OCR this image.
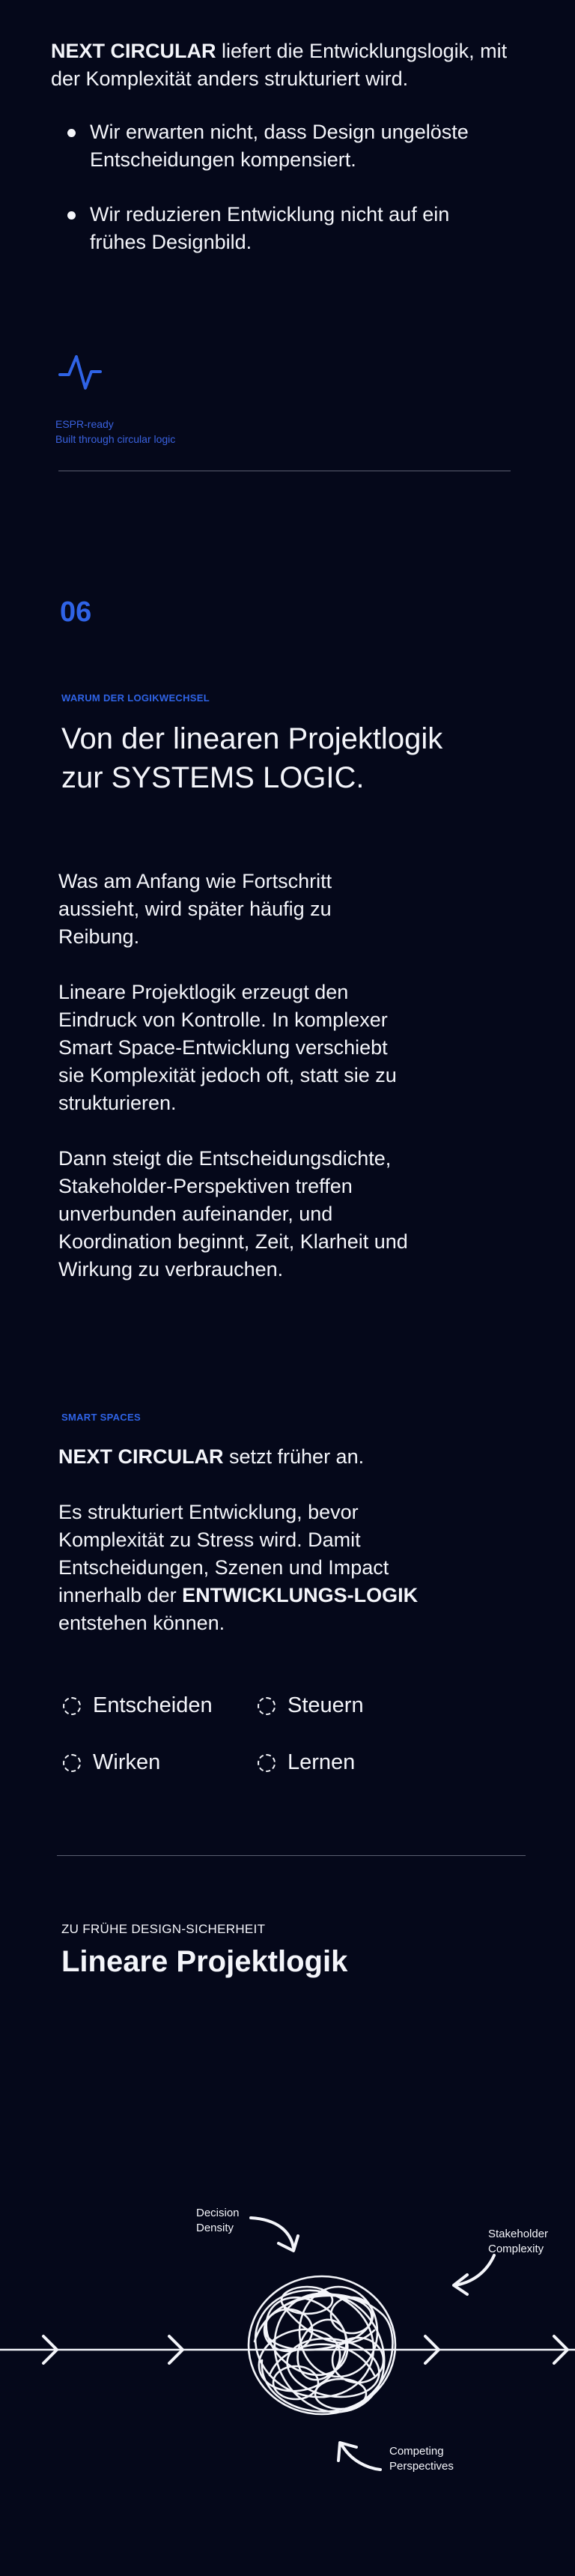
NEXT CIRCULAR liefert die Entwicklungslogik, mit der Komplexität anders strukturiert wird.

Wir erwarten nicht, dass Design ungelöste Entscheidungen kompensiert.
Wir reduzieren Entwicklung nicht auf ein frühes Designbild.
ESPR-ready
Built through circular logic
06
WARUM DER LOGIKWECHSEL
Von der linearen Projektlogik
zur SYSTEMS LOGIC.

Was am Anfang wie Fortschritt aussieht, wird später häufig zu Reibung.

Lineare Projektlogik erzeugt den Eindruck von Kontrolle. In komplexer Smart Space-Entwicklung verschiebt sie Komplexität jedoch oft, statt sie zu strukturieren.

Dann steigt die Entscheidungsdichte, Stakeholder-Perspektiven treffen unverbunden aufeinander, und Koordination beginnt, Zeit, Klarheit und Wirkung zu verbrauchen.

SMART SPACES

NEXT CIRCULAR setzt früher an.

Es strukturiert Entwicklung, bevor Komplexität zu Stress wird. Damit Entscheidungen, Szenen und Impact innerhalb der ENTWICKLUNGS-LOGIK entstehen können.

Entscheiden	Steuern
Wirken	Lernen
ZU FRÜHE DESIGN-SICHERHEIT
Lineare Projektlogik
Decision
Density	Stakeholder
Complexity
Competing
Perspectives
